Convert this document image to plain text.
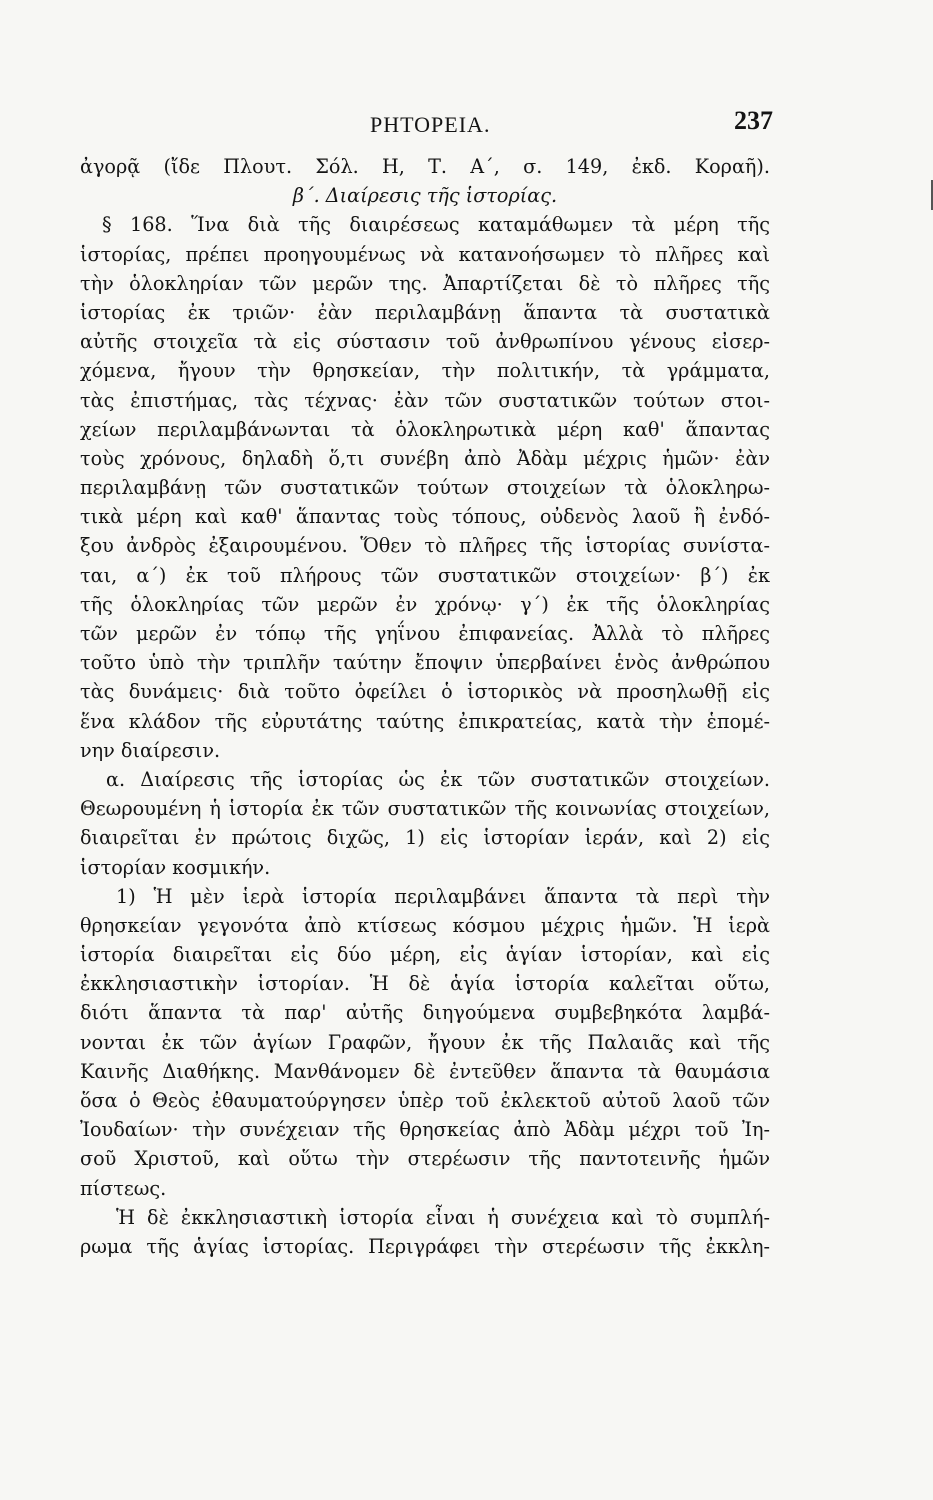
ΡΗΤΟΡΕΙΑ.	237
ἀγορᾷ (ἴδε Πλουτ. Σόλ. Η, Τ. Α΄, σ. 149, ἐκδ. Κοραῆ).
β΄. Διαίρεσις τῆς ἱστορίας.
§ 168. Ἵνα διὰ τῆς διαιρέσεως καταμάθωμεν τὰ μέρη τῆς
ἱστορίας, πρέπει προηγουμένως νὰ κατανοήσωμεν τὸ πλῆρες καὶ
τὴν ὁλοκληρίαν τῶν μερῶν της. Ἀπαρτίζεται δὲ τὸ πλῆρες τῆς
ἱστορίας ἐκ τριῶν· ἐὰν περιλαμβάνῃ ἅπαντα τὰ συστατικὰ
αὐτῆς στοιχεῖα τὰ εἰς σύστασιν τοῦ ἀνθρωπίνου γένους εἰσερ-
χόμενα, ἤγουν τὴν θρησκείαν, τὴν πολιτικήν, τὰ γράμματα,
τὰς ἐπιστήμας, τὰς τέχνας· ἐὰν τῶν συστατικῶν τούτων στοι-
χείων περιλαμβάνωνται τὰ ὁλοκληρωτικὰ μέρη καθ' ἅπαντας
τοὺς χρόνους, δηλαδὴ ὅ,τι συνέβη ἀπὸ Ἀδὰμ μέχρις ἡμῶν· ἐὰν
περιλαμβάνῃ τῶν συστατικῶν τούτων στοιχείων τὰ ὁλοκληρω-
τικὰ μέρη καὶ καθ' ἅπαντας τοὺς τόπους, οὐδενὸς λαοῦ ἢ ἐνδό-
ξου ἀνδρὸς ἐξαιρουμένου. Ὅθεν τὸ πλῆρες τῆς ἱστορίας συνίστα-
ται, α΄) ἐκ τοῦ πλήρους τῶν συστατικῶν στοιχείων· β΄) ἐκ
τῆς ὁλοκληρίας τῶν μερῶν ἐν χρόνῳ· γ΄) ἐκ τῆς ὁλοκληρίας
τῶν μερῶν ἐν τόπῳ τῆς γηΐνου ἐπιφανείας. Ἀλλὰ τὸ πλῆρες
τοῦτο ὑπὸ τὴν τριπλῆν ταύτην ἔποψιν ὑπερβαίνει ἑνὸς ἀνθρώπου
τὰς δυνάμεις· διὰ τοῦτο ὀφείλει ὁ ἱστορικὸς νὰ προσηλωθῇ εἰς
ἕνα κλάδον τῆς εὐρυτάτης ταύτης ἐπικρατείας, κατὰ τὴν ἑπομέ-
νην διαίρεσιν.
α. Διαίρεσις τῆς ἱστορίας ὡς ἐκ τῶν συστατικῶν στοιχείων.
Θεωρουμένη ἡ ἱστορία ἐκ τῶν συστατικῶν τῆς κοινωνίας στοιχείων,
διαιρεῖται ἐν πρώτοις διχῶς, 1) εἰς ἱστορίαν ἱεράν, καὶ 2) εἰς
ἱστορίαν κοσμικήν.
1) Ἡ μὲν ἱερὰ ἱστορία περιλαμβάνει ἅπαντα τὰ περὶ τὴν
θρησκείαν γεγονότα ἀπὸ κτίσεως κόσμου μέχρις ἡμῶν. Ἡ ἱερὰ
ἱστορία διαιρεῖται εἰς δύο μέρη, εἰς ἁγίαν ἱστορίαν, καὶ εἰς
ἐκκλησιαστικὴν ἱστορίαν. Ἡ δὲ ἁγία ἱστορία καλεῖται οὕτω,
διότι ἅπαντα τὰ παρ' αὐτῆς διηγούμενα συμβεβηκότα λαμβά-
νονται ἐκ τῶν ἁγίων Γραφῶν, ἤγουν ἐκ τῆς Παλαιᾶς καὶ τῆς
Καινῆς Διαθήκης. Μανθάνομεν δὲ ἐντεῦθεν ἅπαντα τὰ θαυμάσια
ὅσα ὁ Θεὸς ἐθαυματούργησεν ὑπὲρ τοῦ ἐκλεκτοῦ αὐτοῦ λαοῦ τῶν
Ἰουδαίων· τὴν συνέχειαν τῆς θρησκείας ἀπὸ Ἀδὰμ μέχρι τοῦ Ἰη-
σοῦ Χριστοῦ, καὶ οὕτω τὴν στερέωσιν τῆς παντοτεινῆς ἡμῶν
πίστεως.
Ἡ δὲ ἐκκλησιαστικὴ ἱστορία εἶναι ἡ συνέχεια καὶ τὸ συμπλή-
ρωμα τῆς ἁγίας ἱστορίας. Περιγράφει τὴν στερέωσιν τῆς ἐκκλη-
